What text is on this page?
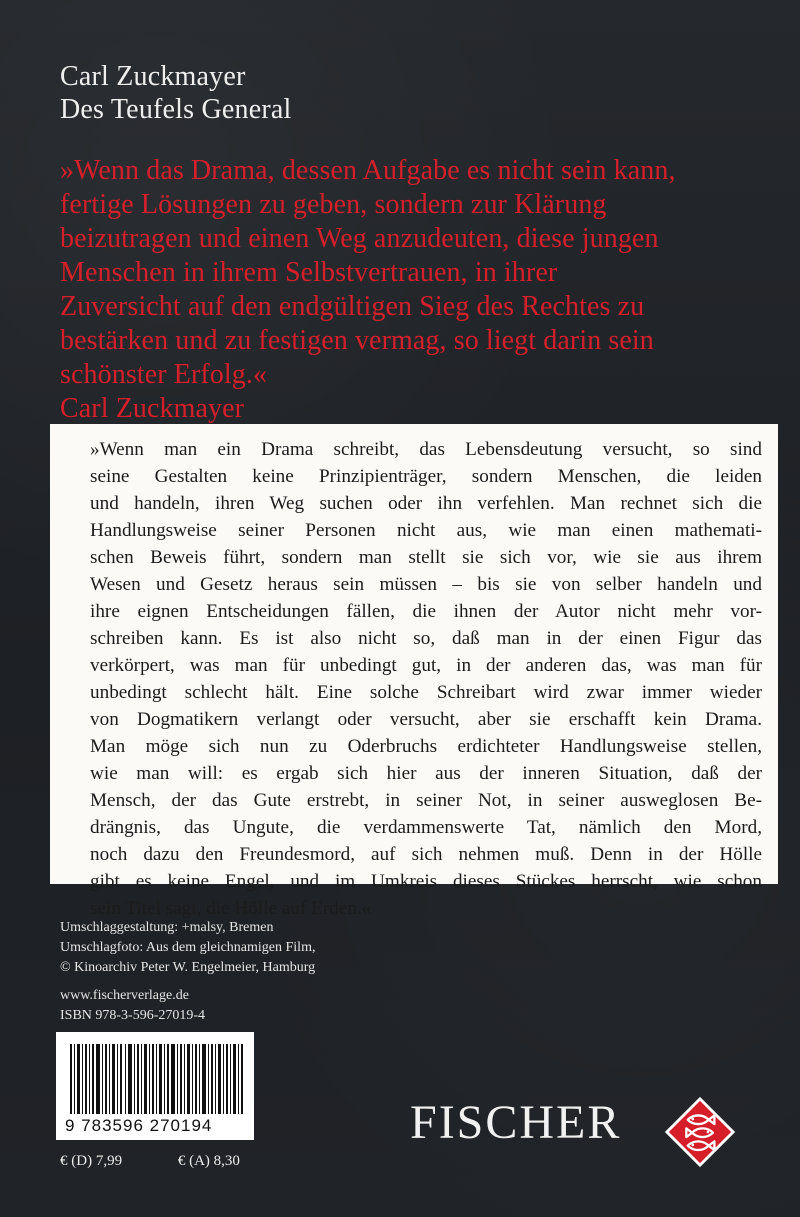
Carl Zuckmayer
Des Teufels General
»Wenn das Drama, dessen Aufgabe es nicht sein kann,
fertige Lösungen zu geben, sondern zur Klärung
beizutragen und einen Weg anzudeuten, diese jungen
Menschen in ihrem Selbstvertrauen, in ihrer
Zuversicht auf den endgültigen Sieg des Rechtes zu
bestärken und zu festigen vermag, so liegt darin sein
schönster Erfolg.«
Carl Zuckmayer
»Wenn man ein Drama schreibt, das Lebensdeutung versucht, so sind
seine Gestalten keine Prinzipienträger, sondern Menschen, die leiden
und handeln, ihren Weg suchen oder ihn verfehlen. Man rechnet sich die
Handlungsweise seiner Personen nicht aus, wie man einen mathemati-
schen Beweis führt, sondern man stellt sie sich vor, wie sie aus ihrem
Wesen und Gesetz heraus sein müssen – bis sie von selber handeln und
ihre eignen Entscheidungen fällen, die ihnen der Autor nicht mehr vor-
schreiben kann. Es ist also nicht so, daß man in der einen Figur das
verkörpert, was man für unbedingt gut, in der anderen das, was man für
unbedingt schlecht hält. Eine solche Schreibart wird zwar immer wieder
von Dogmatikern verlangt oder versucht, aber sie erschafft kein Drama.
Man möge sich nun zu Oderbruchs erdichteter Handlungsweise stellen,
wie man will: es ergab sich hier aus der inneren Situation, daß der
Mensch, der das Gute erstrebt, in seiner Not, in seiner ausweglosen Be-
drängnis, das Ungute, die verdammenswerte Tat, nämlich den Mord,
noch dazu den Freundesmord, auf sich nehmen muß. Denn in der Hölle
gibt es keine Engel, und im Umkreis dieses Stückes herrscht, wie schon
sein Titel sagt, die Hölle auf Erden.«
Umschlaggestaltung: +malsy, Bremen
Umschlagfoto: Aus dem gleichnamigen Film,
© Kinoarchiv Peter W. Engelmeier, Hamburg
www.fischerverlage.de
ISBN 978-3-596-27019-4
9 783596 270194
€ (D) 7,99	€ (A) 8,30
FISCHER
